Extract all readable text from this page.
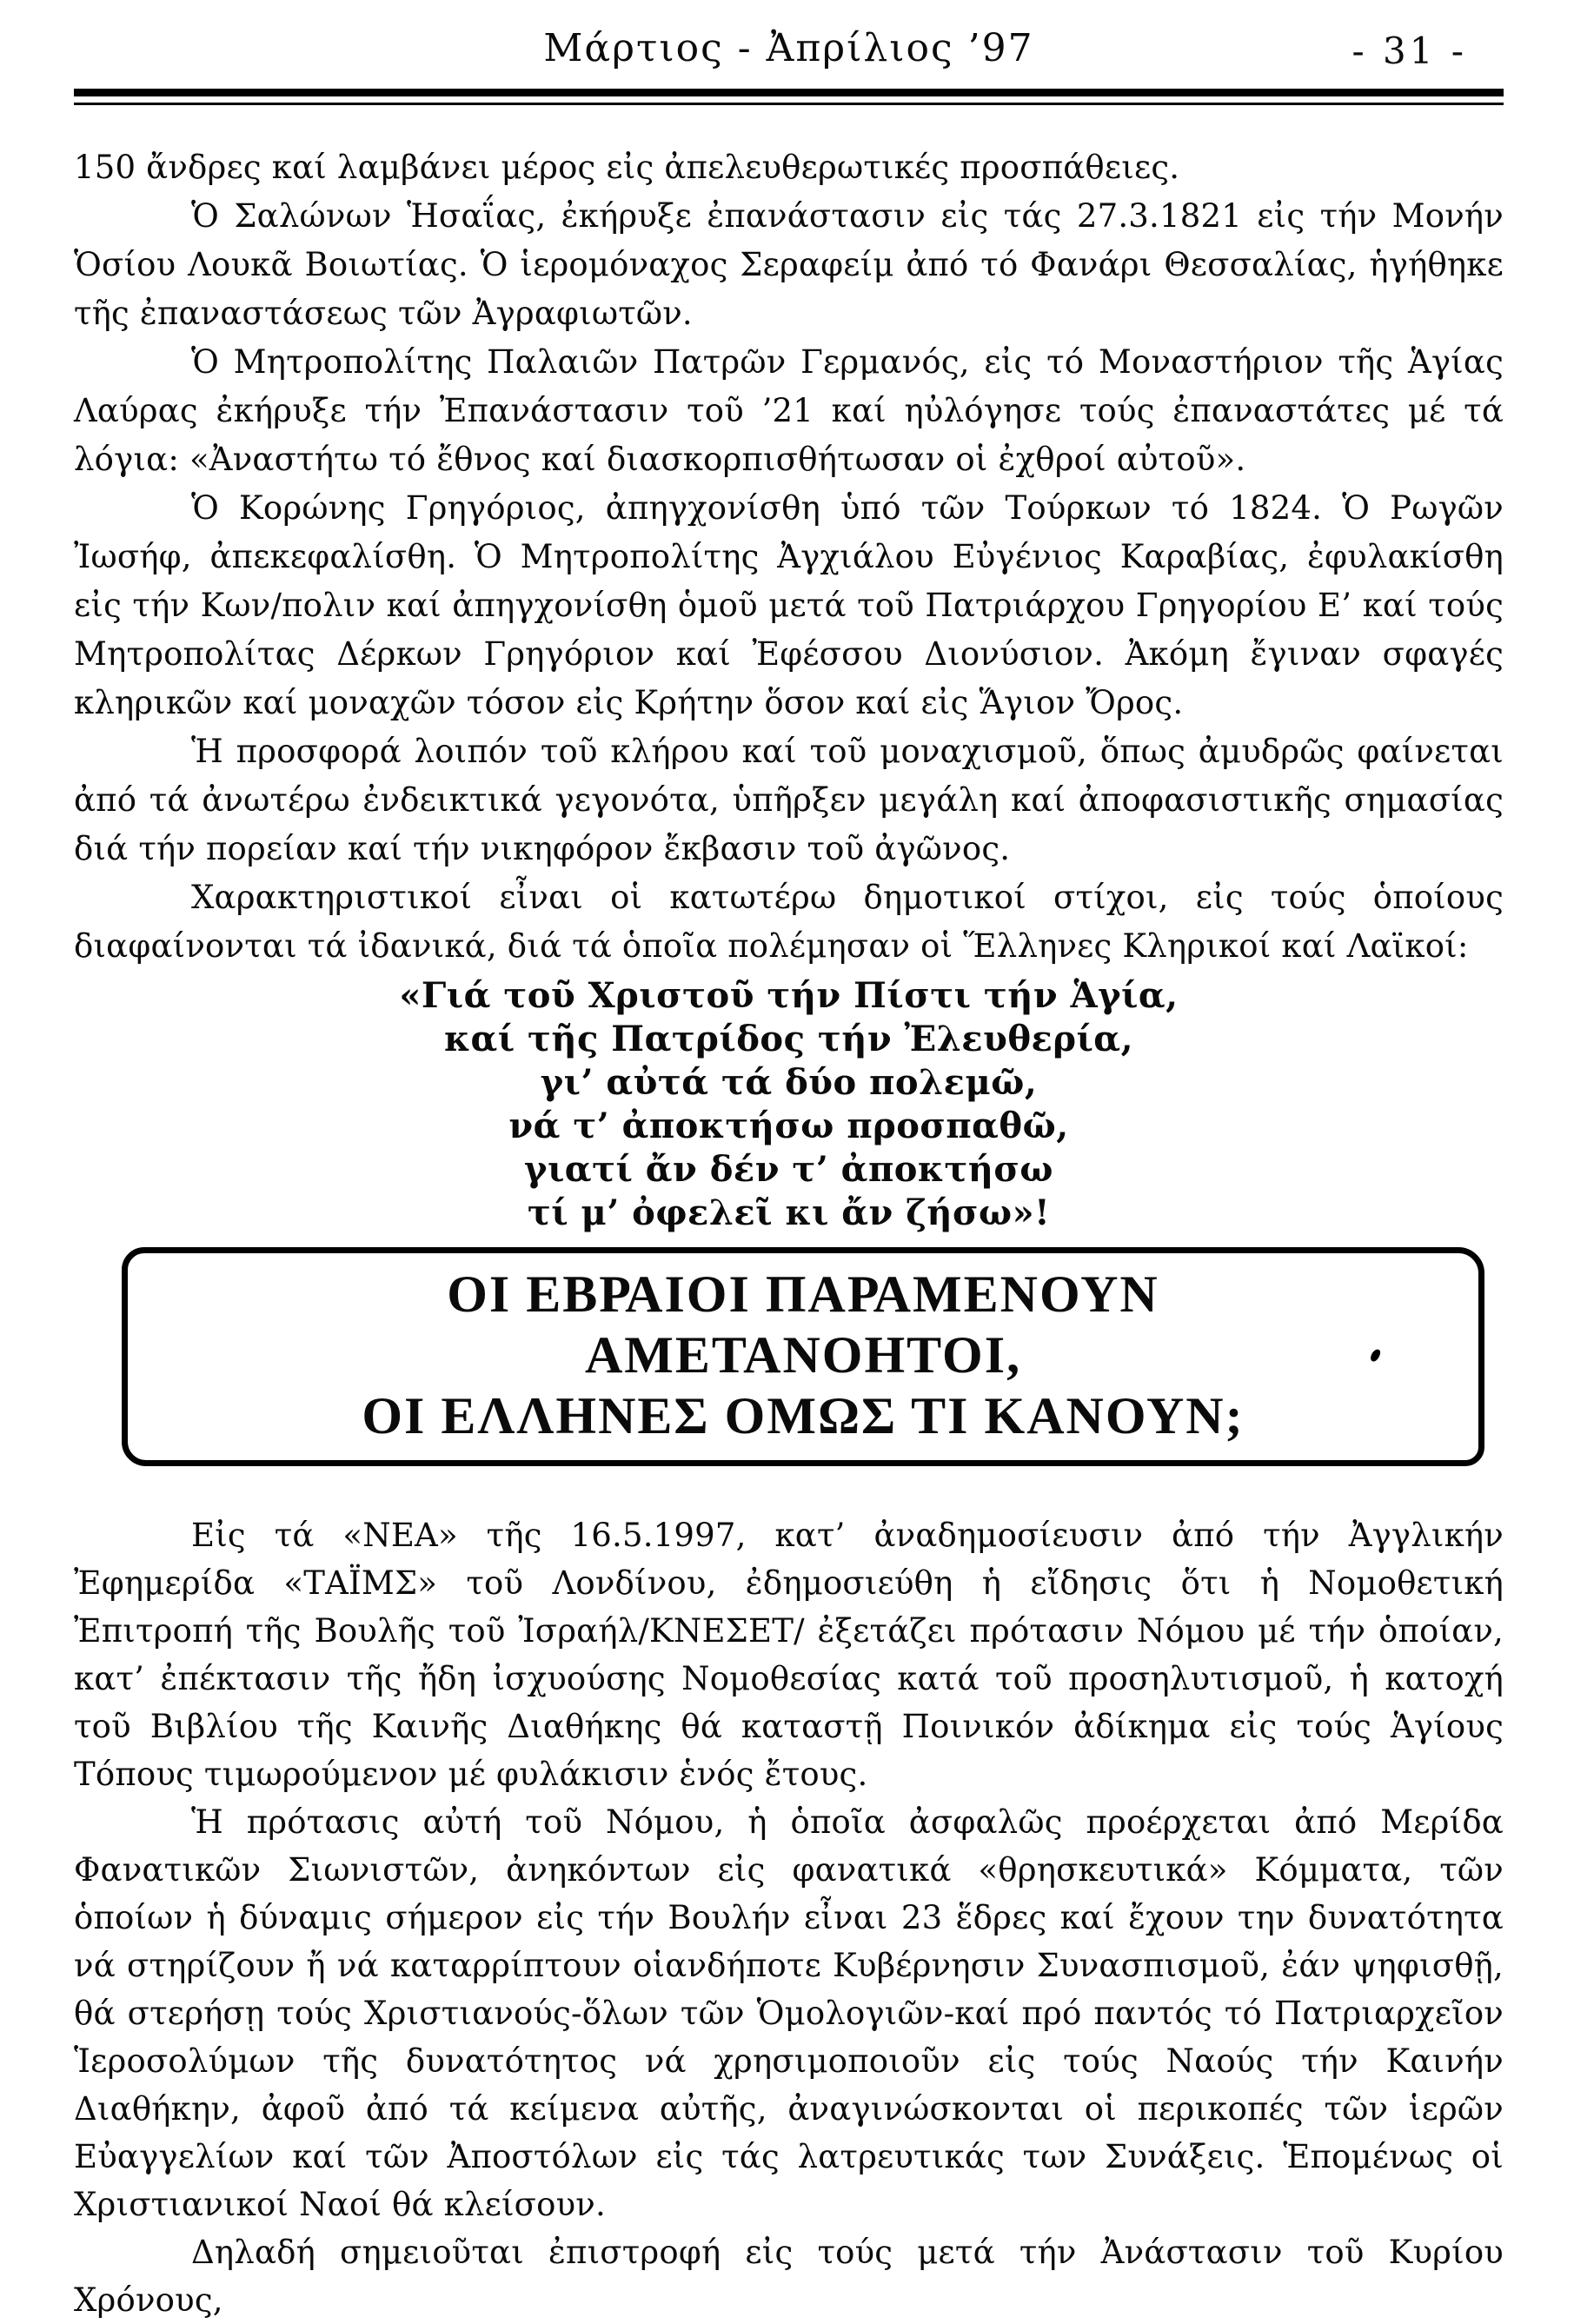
Μάρτιος - Ἀπρίλιος ’97	- 31 -

150 ἄνδρες καί λαμβάνει μέρος εἰς ἀπελευθερωτικές προσπάθειες.

Ὁ Σαλώνων Ἡσαΐας, ἐκήρυξε ἐπανάστασιν εἰς τάς 27.3.1821 εἰς τήν Μονήν Ὁσίου Λουκᾶ Βοιωτίας. Ὁ ἱερομόναχος Σεραφείμ ἀπό τό Φανάρι Θεσσαλίας, ἡγήθηκε τῆς ἐπαναστάσεως τῶν Ἀγραφιωτῶν.

Ὁ Μητροπολίτης Παλαιῶν Πατρῶν Γερμανός, εἰς τό Μοναστήριον τῆς Ἁγίας Λαύρας ἐκήρυξε τήν Ἐπανάστασιν τοῦ ’21 καί ηὐλόγησε τούς ἐπαναστάτες μέ τά λόγια: «Ἀναστήτω τό ἔθνος καί διασκορπισθήτωσαν οἱ ἐχθροί αὐτοῦ».

Ὁ Κορώνης Γρηγόριος, ἀπηγχονίσθη ὑπό τῶν Τούρκων τό 1824. Ὁ Ρωγῶν Ἰωσήφ, ἀπεκεφαλίσθη. Ὁ Μητροπολίτης Ἀγχιάλου Εὐγένιος Καραβίας, ἐφυλακίσθη εἰς τήν Κων/πολιν καί ἀπηγχονίσθη ὁμοῦ μετά τοῦ Πατριάρχου Γρηγορίου Ε’ καί τούς Μητροπολίτας Δέρκων Γρηγόριον καί Ἐφέσσου Διονύσιον. Ἀκόμη ἔγιναν σφαγές κληρικῶν καί μοναχῶν τόσον εἰς Κρήτην ὅσον καί εἰς Ἅγιον Ὄρος.

Ἡ προσφορά λοιπόν τοῦ κλήρου καί τοῦ μοναχισμοῦ, ὅπως ἀμυδρῶς φαίνεται ἀπό τά ἀνωτέρω ἐνδεικτικά γεγονότα, ὑπῆρξεν μεγάλη καί ἀποφασιστικῆς σημασίας διά τήν πορείαν καί τήν νικηφόρον ἔκβασιν τοῦ ἀγῶνος.

Χαρακτηριστικοί εἶναι οἱ κατωτέρω δημοτικοί στίχοι, εἰς τούς ὁποίους διαφαίνονται τά ἰδανικά, διά τά ὁποῖα πολέμησαν οἱ Ἕλληνες Κληρικοί καί Λαϊκοί:

«Γιά τοῦ Χριστοῦ τήν Πίστι τήν Ἁγία,
καί τῆς Πατρίδος τήν Ἐλευθερία,
γι’ αὐτά τά δύο πολεμῶ,
νά τ’ ἀποκτήσω προσπαθῶ,
γιατί ἄν δέν τ’ ἀποκτήσω
τί μ’ ὀφελεῖ κι ἄν ζήσω»!
ΟΙ ΕΒΡΑΙΟΙ ΠΑΡΑΜΕΝΟΥΝ
ΑΜΕΤΑΝΟΗΤΟΙ,
ΟΙ ΕΛΛΗΝΕΣ ΟΜΩΣ ΤΙ ΚΑΝΟΥΝ;

Εἰς τά «ΝΕΑ» τῆς 16.5.1997, κατ’ ἀναδημοσίευσιν ἀπό τήν Ἀγγλικήν Ἐφημερίδα «ΤΑΪΜΣ» τοῦ Λονδίνου, ἐδημοσιεύθη ἡ εἴδησις ὅτι ἡ Νομοθετική Ἐπιτροπή τῆς Βουλῆς τοῦ Ἰσραήλ/ΚΝΕΣΕΤ/ ἐξετάζει πρότασιν Νόμου μέ τήν ὁποίαν, κατ’ ἐπέκτασιν τῆς ἤδη ἰσχυούσης Νομοθεσίας κατά τοῦ προσηλυτισμοῦ, ἡ κατοχή τοῦ Βιβλίου τῆς Καινῆς Διαθήκης θά καταστῇ Ποινικόν ἀδίκημα εἰς τούς Ἁγίους Τόπους τιμωρούμενον μέ φυλάκισιν ἑνός ἔτους.

Ἡ πρότασις αὐτή τοῦ Νόμου, ἡ ὁποῖα ἀσφαλῶς προέρχεται ἀπό Μερίδα Φανατικῶν Σιωνιστῶν, ἀνηκόντων εἰς φανατικά «θρησκευτικά» Κόμματα, τῶν ὁποίων ἡ δύναμις σήμερον εἰς τήν Βουλήν εἶναι 23 ἕδρες καί ἔχουν την δυνατότητα νά στηρίζουν ἤ νά καταρρίπτουν οἱανδήποτε Κυβέρνησιν Συνασπισμοῦ, ἐάν ψηφισθῇ, θά στερήσῃ τούς Χριστιανούς-ὅλων τῶν Ὁμολογιῶν-καί πρό παντός τό Πατριαρχεῖον Ἱεροσολύμων τῆς δυνατότητος νά χρησιμοποιοῦν εἰς τούς Ναούς τήν Καινήν Διαθήκην, ἀφοῦ ἀπό τά κείμενα αὐτῆς, ἀναγινώσκονται οἱ περικοπές τῶν ἱερῶν Εὐαγγελίων καί τῶν Ἀποστόλων εἰς τάς λατρευτικάς των Συνάξεις. Ἑπομένως οἱ Χριστιανικοί Ναοί θά κλείσουν.

Δηλαδή σημειοῦται ἐπιστροφή εἰς τούς μετά τήν Ἀνάστασιν τοῦ Κυρίου Χρόνους,
